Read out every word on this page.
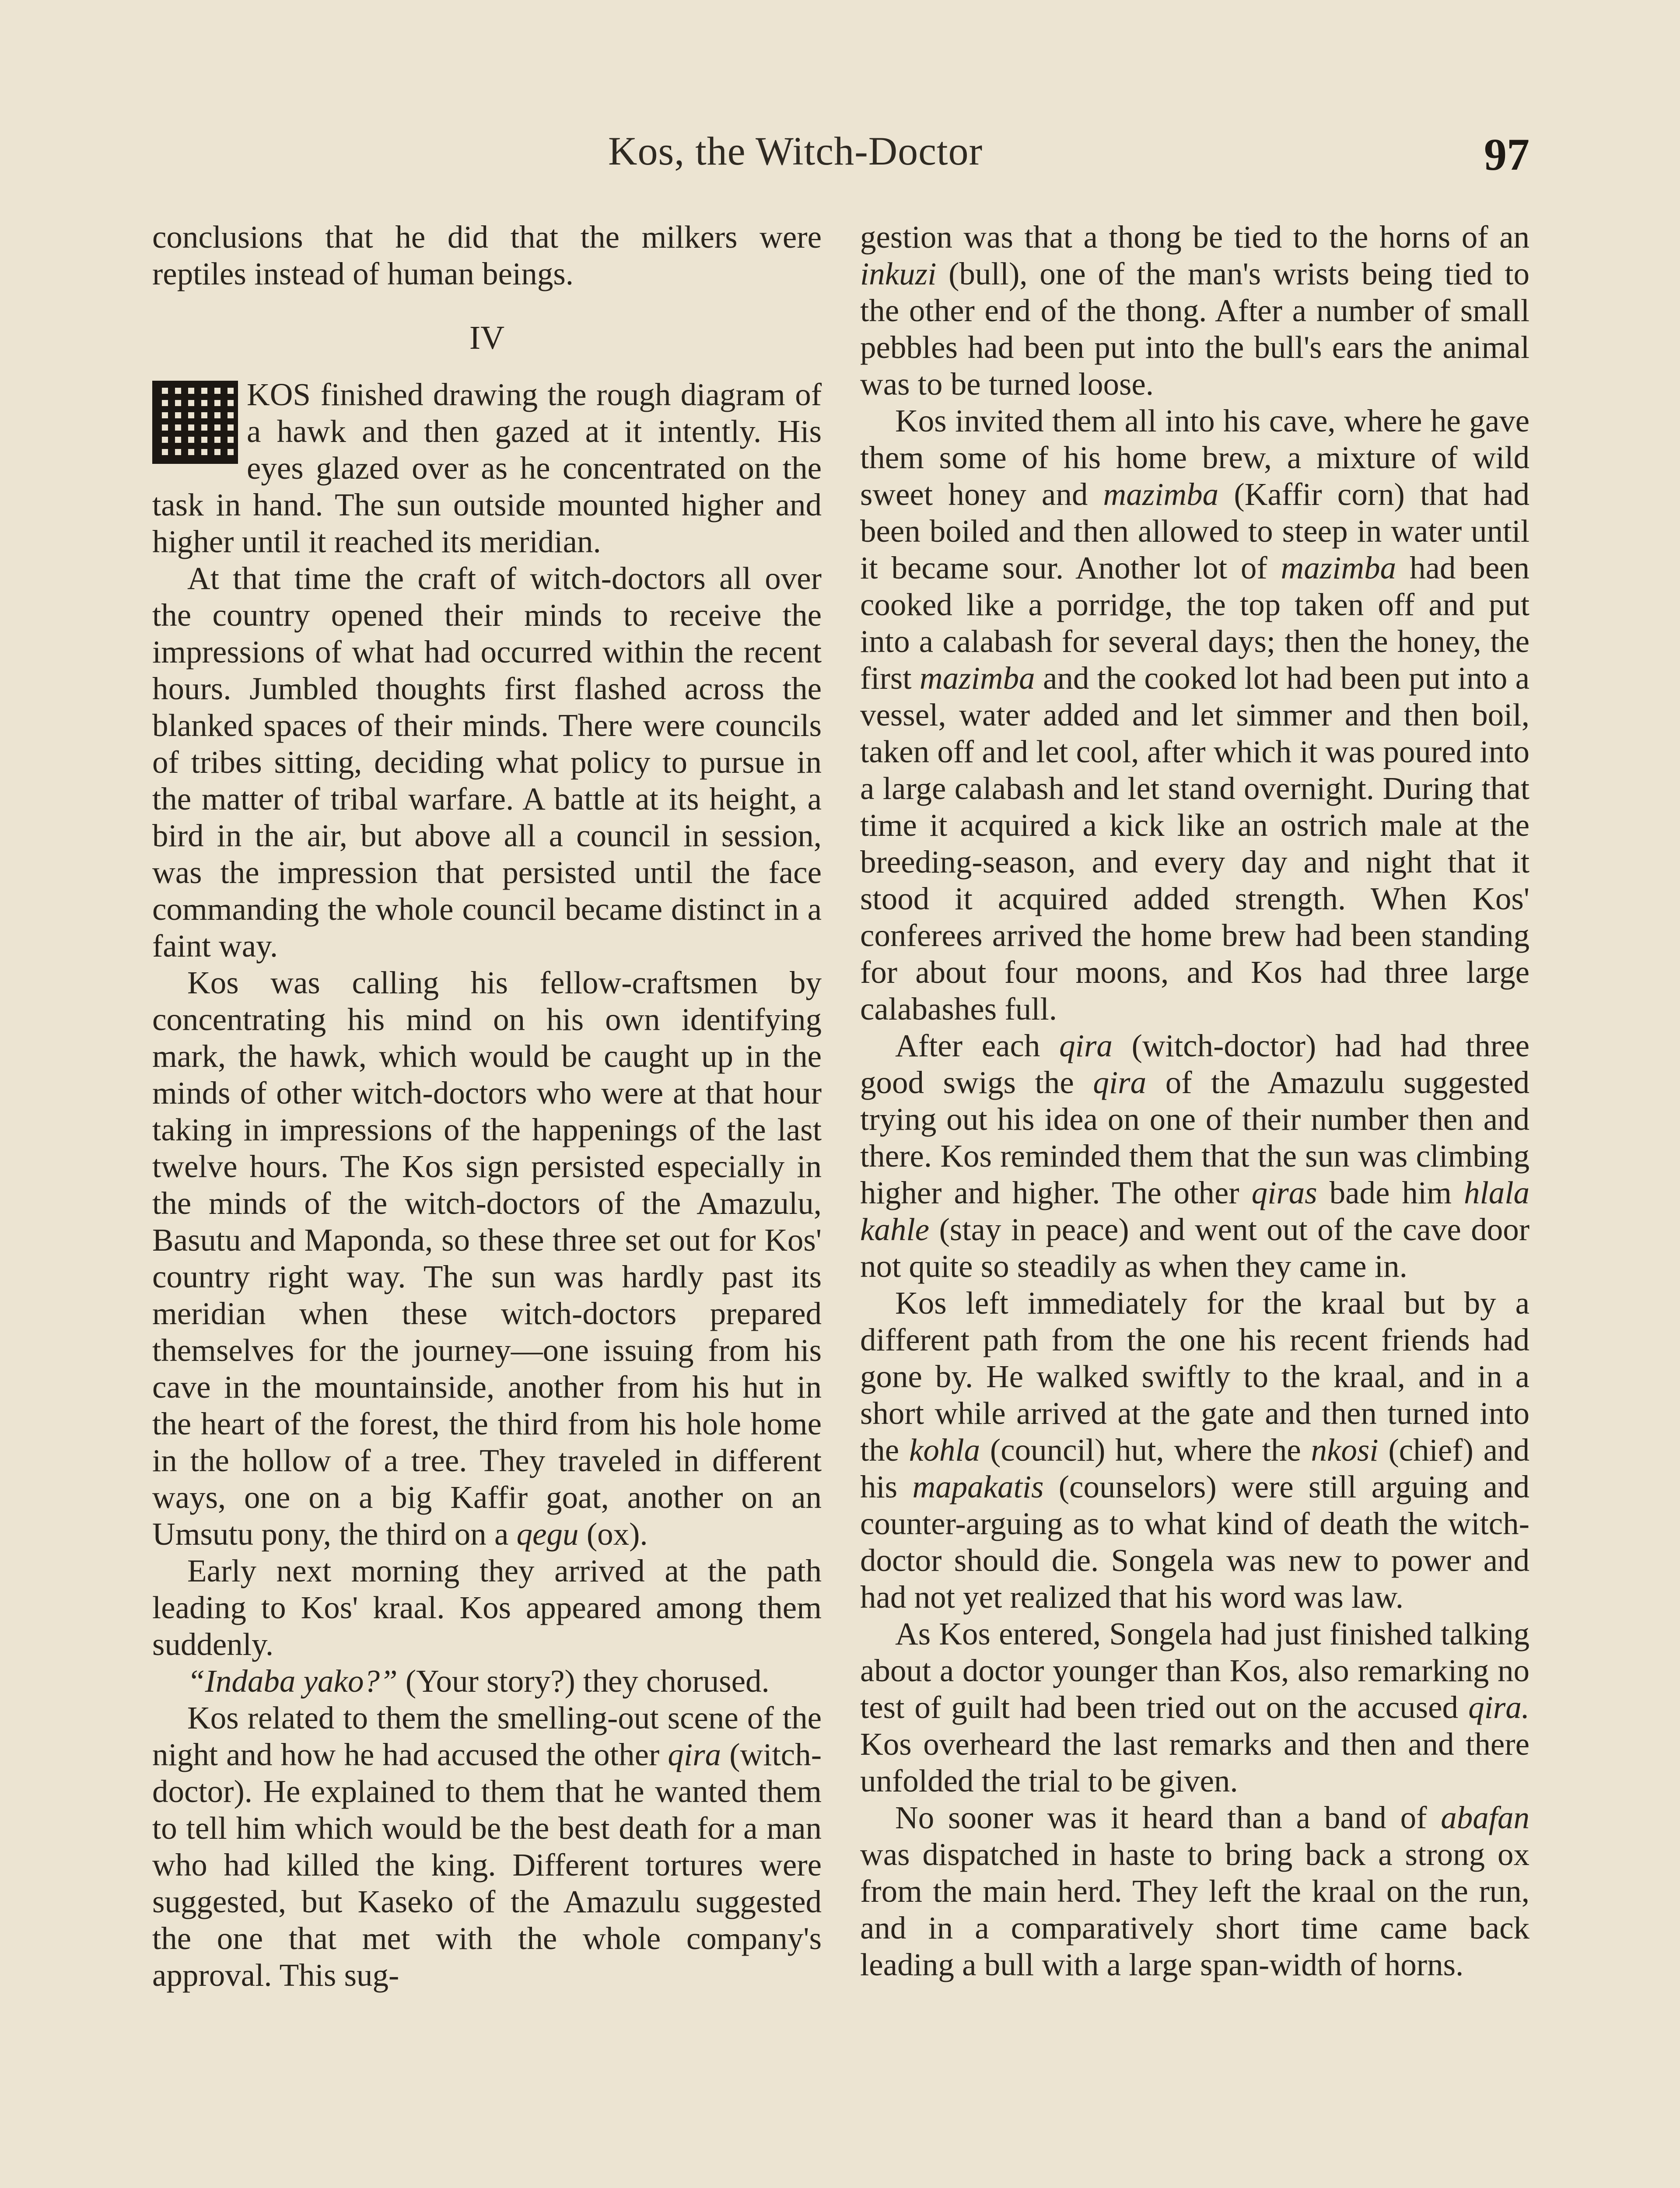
Kos, the Witch-Doctor	97

conclusions that he did that the milkers were reptiles instead of human beings.

IV

KOS finished drawing the rough diagram of a hawk and then gazed at it intently. His eyes glazed over as he concentrated on the task in hand. The sun outside mounted higher and higher until it reached its meridian.

At that time the craft of witch-doctors all over the country opened their minds to receive the impressions of what had occurred within the recent hours. Jumbled thoughts first flashed across the blanked spaces of their minds. There were councils of tribes sitting, deciding what policy to pursue in the matter of tribal warfare. A battle at its height, a bird in the air, but above all a council in session, was the impression that persisted until the face commanding the whole council became distinct in a faint way.

Kos was calling his fellow-craftsmen by concentrating his mind on his own identifying mark, the hawk, which would be caught up in the minds of other witch-doctors who were at that hour taking in impressions of the happenings of the last twelve hours. The Kos sign persisted especially in the minds of the witch-doctors of the Amazulu, Basutu and Maponda, so these three set out for Kos' country right way. The sun was hardly past its meridian when these witch-doctors prepared themselves for the journey—one issuing from his cave in the mountainside, another from his hut in the heart of the forest, the third from his hole home in the hollow of a tree. They traveled in different ways, one on a big Kaffir goat, another on an Umsutu pony, the third on a qegu (ox).

Early next morning they arrived at the path leading to Kos' kraal. Kos appeared among them suddenly.

“Indaba yako?” (Your story?) they chorused.

Kos related to them the smelling-out scene of the night and how he had accused the other qira (witch-doctor). He explained to them that he wanted them to tell him which would be the best death for a man who had killed the king. Different tortures were suggested, but Kaseko of the Amazulu suggested the one that met with the whole company's approval. This sug-

gestion was that a thong be tied to the horns of an inkuzi (bull), one of the man's wrists being tied to the other end of the thong. After a number of small pebbles had been put into the bull's ears the animal was to be turned loose.

Kos invited them all into his cave, where he gave them some of his home brew, a mixture of wild sweet honey and mazimba (Kaffir corn) that had been boiled and then allowed to steep in water until it became sour. Another lot of mazimba had been cooked like a porridge, the top taken off and put into a calabash for several days; then the honey, the first mazimba and the cooked lot had been put into a vessel, water added and let simmer and then boil, taken off and let cool, after which it was poured into a large calabash and let stand overnight. During that time it acquired a kick like an ostrich male at the breeding-season, and every day and night that it stood it acquired added strength. When Kos' conferees arrived the home brew had been standing for about four moons, and Kos had three large calabashes full.

After each qira (witch-doctor) had had three good swigs the qira of the Amazulu suggested trying out his idea on one of their number then and there. Kos reminded them that the sun was climbing higher and higher. The other qiras bade him hlala kahle (stay in peace) and went out of the cave door not quite so steadily as when they came in.

Kos left immediately for the kraal but by a different path from the one his recent friends had gone by. He walked swiftly to the kraal, and in a short while arrived at the gate and then turned into the kohla (council) hut, where the nkosi (chief) and his mapakatis (counselors) were still arguing and counter-arguing as to what kind of death the witch-doctor should die. Songela was new to power and had not yet realized that his word was law.

As Kos entered, Songela had just finished talking about a doctor younger than Kos, also remarking no test of guilt had been tried out on the accused qira. Kos overheard the last remarks and then and there unfolded the trial to be given.

No sooner was it heard than a band of abafan was dispatched in haste to bring back a strong ox from the main herd. They left the kraal on the run, and in a comparatively short time came back leading a bull with a large span-width of horns.
